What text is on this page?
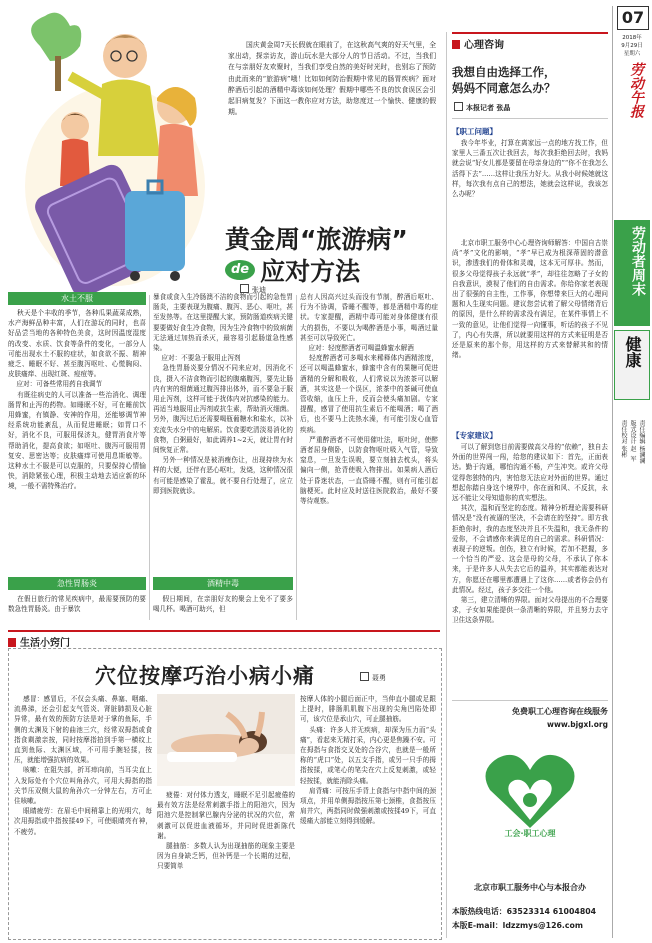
国庆黄金周7天长假就在眼前了，在这秋高气爽的好天气里，全家出动，探亲访友，游山玩水是大部分人的节日活动。不过，当我们在与亲朋好友欢聚时，当我们享受自然的美好时光时，也别忘了预防由此而来的“旅游病”哦！比如如何防治假期中常见的肠胃疾病？面对醉酒后引起的酒精中毒该如何处理？假期中哪些不良的饮食误区会引起旧病复发？下面这一教你应对方法，助您度过一个愉快、健康的假期。
黄金周“旅游病”
de 应对方法
张迪
水土不服
秋天是个丰收的季节，各种瓜果蔬菜成熟，水产海鲜品种丰富，人们在游玩的同时，也喜好品尝当地的各种特色美食，这时因温度湿度的改变、水质、饮食等条件的变化，一部分人可能出现水土不服的症状，如食欲不振、精神疲乏、睡眠不好、甚至腹泻呕吐、心慌胸闷、皮肤瘙痒、出现红斑、痘痘等。
应对：可备些常用药自我调节
有既往病史的人可以准备一些治消化、调理肠胃和止泻的药物。如睡眠不好，可在睡前饮用蜂蜜，有镇静、安神的作用，还能够调节神经系统功能紊乱，从而促进睡眠；如胃口不好，消化不良，可服用保济丸，健胃消食片等帮助消化，提高食欲；如呕吐、腹泻可服用胃复安、思密达等；皮肤瘙痒可使用息斯敏等。这种水土不服是可以克服的，只要保持心情愉快，消除紧张心理，积极主动地去适应新的环境，一般不需特殊治疗。
急性胃肠炎
在假日旅行的常见疾病中，最需要预防的要数急性胃肠炎。由于暴饮
暴食或食入生冷肠澳不洁的食物而引起的急性胃肠炎，主要表现为腹痛、腹泻、恶心、呕吐，甚至发热等。在这里提醒大家，预防肠道疾病关键要要做好食生冷食物，因为生冷食物中的致病菌无法通过加热而杀灭，最容易引起肠道急性感染。
应对：不要急于服用止泻剂
急性胃肠炎要分情况不同来应对，因消化不良，摄入不洁食物而引起的腹痛腹泻，要先让肠内有害的细菌通过腹泻排出体外，而不要急于服用止泻剂，这样可能于扰体内对抗感染的能力。再适当地服用止泻剂或抗生素，帮助消灭细菌。另外，腹泻过后还需要喝瓶葡糖水和盐水，以补充流失水分中的电解质。饮食要吃清淡易消化的食物，白粥最好，如此调养1~2天，就让胃有时间恢复正常。
另外一种情况是被消瘦伤让，出现持续为水样的大便，还伴有恶心呕吐，发烧，这种情况很有可能是感染了霍乱，就不要自行处理了，应立即到医院就诊。
酒精中毒
假日期间，在亲朋好友的聚会上免不了要多喝几杯。喝酒可助兴，但
总有人因高兴过头而没有节制，醉酒后呕吐、行为不协调，昏睡不醒等，都是酒精中毒的症状。专家提醒，酒精中毒可能对身体健康有很大的损伤，不要以为喝醉酒是小事，喝酒过量甚至可以导致死亡。
应对：轻度醉酒者可喝温蜂蜜水解酒
轻度醉酒者可多喝水来稀释体内酒精浓度，还可以喝温蜂蜜水，蜂蜜中含有的果糖可促进酒精的分解和吸收，人们常说以为浓茶可以解酒，其实这是一个误区，浓茶中的茶碱可使血管收缩，血压上升，反而会使头痛加剧。专家提醒，感冒了使用抗生素后不能喝酒；喝了酒后，也不要马上洗热水澡，有可能引发心血管疾病。
严重醉酒者不可使用催吐法，呕吐时，使醉酒者屈身侧卧，以防食物呕吐吸入气管，导致窒息，一旦发生误吸，要立刻抽去枕头，将头偏向一侧，抢背使吸入物排出。如果病人酒后处于昏迷状态，一直昏睡不醒，则有可能引起脑梗死。此时应及时送往医院救治，最好不要等待观察。
生活小窍门
穴位按摩巧治小病小痛	聂勇
感冒：感冒后，不仅会头痛、鼻塞、咽痛、流鼻涕，还会引起支气管炎、肾脏肺损及心脏异常，最有效的预防方法是对于掌的鱼际，手侧的太渊及下射的曲池三穴，经常双拇指或食指食剩激亲按，同时按摩指拍到手第一横纹上直到鱼际、太渊区域，不可用手腕轻揉，按压，就能增强抗病的效果。
咳嗽：在阻失部，折耳瘁向前，当耳尖直上入发际处有个穴位叫角孙穴，可用大拇指的指关节压双侧大鼠的角孙穴一分钟左右，方可止住咳嗽。
眼睛疲劳：在眉毛中间稍靠上的光明穴，每次用拇指或中指按揉49下，可使眼睛亮有神，不疲劳。
疲倦：对付体力透支，睡眠不足引起疲倦的最有效方法是经常刺激手指上的阳池穴，因为阳池穴是控制掌巴腺内分泌的状况的穴位，常刺激可以促进血液循环，并同时促进新陈代谢。
腿抽筋：多数人认为出现抽筋的现象主要是因为自身缺乏钙，但补钙是一个长期的过程，只要简单
按摩人体的小腿后面正中，当伸直小腿或足跟上提时，腓肠肌肌腹下出现的尖角凹陷处即可，该穴位是承山穴，可止腿抽筋。
头痛：许多人并无疾病，却深为压力而“头痛”，看起来无精打采，内心更是焦躁不安。可在拇指与食指交叉处的合谷穴，也就是一般所称的“虎口”处，以五支手指，或另一只手的拇指按揉，或笔心的笔尖在穴上反复刺激，或轻轻按揉，就能消除头痛。
肩背痛：可按压手背上食指与中指中间的颈项点，并用单侧拇指按压第七颈椎，食指按压肩井穴，两指同时做强刺激或按揉49下，可直缓痛大部能立刻得到缓解。
心理咨询
我想自由选择工作，
妈妈不同意怎么办？
本报记者 张晶
【职工问题】
我今年毕业，打算在离家远一点的地方找工作，但家里人三番五次让我回去，每次我拒绝回去时，我妈就会说“好女儿都是要留在母亲身边的”“你不在我怎么活得下去”……这样让我压力好大。从我小时候她就这样，每次我有点自己的想法，她就会这样说，我该怎么办呢？
北京市职工服务中心心理咨询师解答：中国自古崇尚“孝”文化的影响，“孝”早已成为根深蒂固的潜意识，渗透我们的骨体和灵魂，这本无可厚非。然而，很多父母觉得孩子永远就“孝”，却往往忽略了子女的自我意识，漠视了他们的自由需求。你给你家老表现出了很强的自主性，工作事，你想带来巨大的心理问题和人生现实问题。建议您尝试着了解父母情绪背后的原因，是什么样的需求没有满足，在某件事情上不一致的意见，让他们觉得一向懂事，听话的孩子不见了，内心有失落，所以就要用这样的方式来征明是否还是原来的那个你，用这样的方式来替解其和的情绪。
【专家建议】
可以了解到您目前需要做高父母的“依赖”，独自去外面的世界闯一闯，给您的建议如下：首先，正面表达。勤于沟通，哪怕沟通不畅，产生冲突。或许父母觉得您独特的内，害怕您无法应对外面的世界。通过想起你踏自身这个境界中，你在面和风、不反抗，永远不能让父母知道你的真实想法。
其次，温和而坚定的态度。精神分析理论需要科研情况是“没有被逼的坚决，不会请在的坚持”。即方我拒绝你时，我的态度坚决并且不失温和，我无条件的爱你，不会请感你来满足的自己的需求。科研情况：表现子的逆叛。创伤，独立有时候，若加不把握，多一个恰当的严爱、这会是母的父母，不承认了你本来，于是许多人从失去它后的温养，其实都能表达对方，你愿还在哪里都遭遇上了这你……或者你会仍有此情况。经过，孩子多交往一个他。
第三，建立清晰的界限。面对父母提出的不合理要求，子女如果能提供一条清晰的界限，并且努力去守卫住这条界限。
免费职工心理咨询在线服务
www.bjgxl.org
工会·职工心理
北京市职工服务中心与本报合办
本版热线电话：63523314 61004804
本版E-mail：ldzzmys@126.com
07
2018年
9月29日
星期六
劳动午报
劳动者周末
健康
责任编辑 杨澜澜
版式设计 赵  军
责任校对 张彬
